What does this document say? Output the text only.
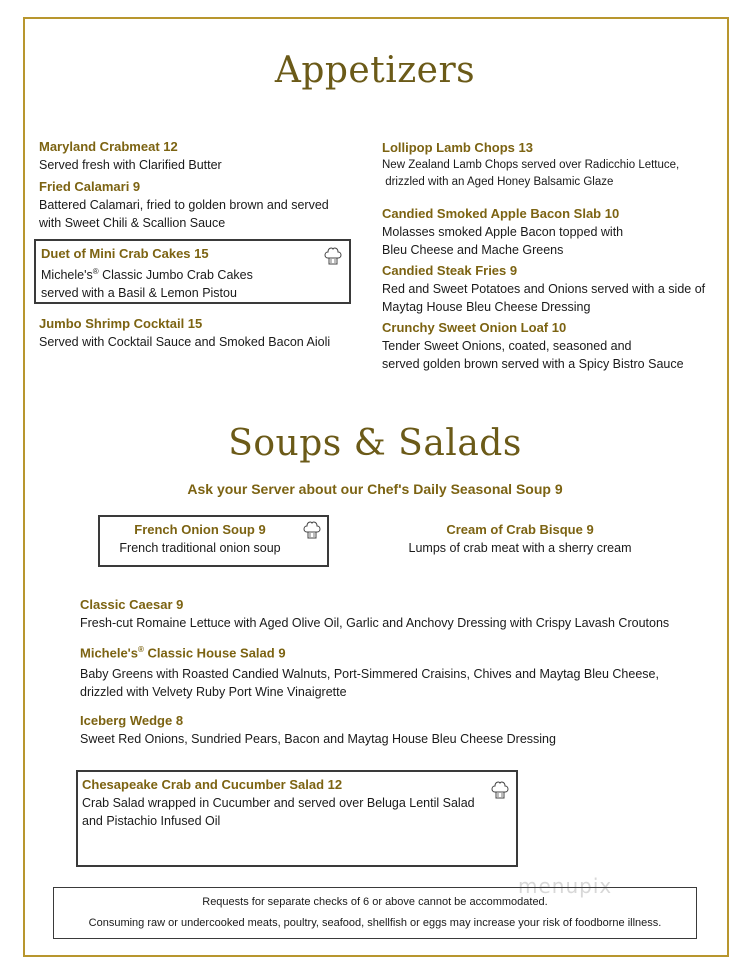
Appetizers
Maryland Crabmeat 12
Served fresh with Clarified Butter
Fried Calamari 9
Battered Calamari, fried to golden brown and served
with Sweet Chili & Scallion Sauce
Duet of Mini Crab Cakes 15
Michele's® Classic Jumbo Crab Cakes
served with a Basil & Lemon Pistou
Jumbo Shrimp Cocktail 15
Served with Cocktail Sauce and Smoked Bacon Aioli
Lollipop Lamb Chops 13
New Zealand Lamb Chops served over Radicchio Lettuce,
drizzled with an Aged Honey Balsamic Glaze
Candied Smoked Apple Bacon Slab 10
Molasses smoked Apple Bacon topped with
Bleu Cheese and Mache Greens
Candied Steak Fries 9
Red and Sweet Potatoes and Onions served with a side of
Maytag House Bleu Cheese Dressing
Crunchy Sweet Onion Loaf 10
Tender Sweet Onions, coated, seasoned and
served golden brown served with a Spicy Bistro Sauce
Soups & Salads
Ask your Server about our Chef's Daily Seasonal Soup 9
French Onion Soup 9
French traditional onion soup
Cream of Crab Bisque 9
Lumps of crab meat with a sherry cream
Classic Caesar 9
Fresh-cut Romaine Lettuce with Aged Olive Oil, Garlic and Anchovy Dressing with Crispy Lavash Croutons
Michele's® Classic House Salad 9
Baby Greens with Roasted Candied Walnuts, Port-Simmered Craisins, Chives and Maytag Bleu Cheese,
drizzled with Velvety Ruby Port Wine Vinaigrette
Iceberg Wedge 8
Sweet Red Onions, Sundried Pears, Bacon and Maytag House Bleu Cheese Dressing
Chesapeake Crab and Cucumber Salad 12
Crab Salad wrapped in Cucumber and served over Beluga Lentil Salad
and Pistachio Infused Oil
menupix
Requests for separate checks of 6 or above cannot be accommodated.
Consuming raw or undercooked meats, poultry, seafood, shellfish or eggs may increase your risk of foodborne illness.
